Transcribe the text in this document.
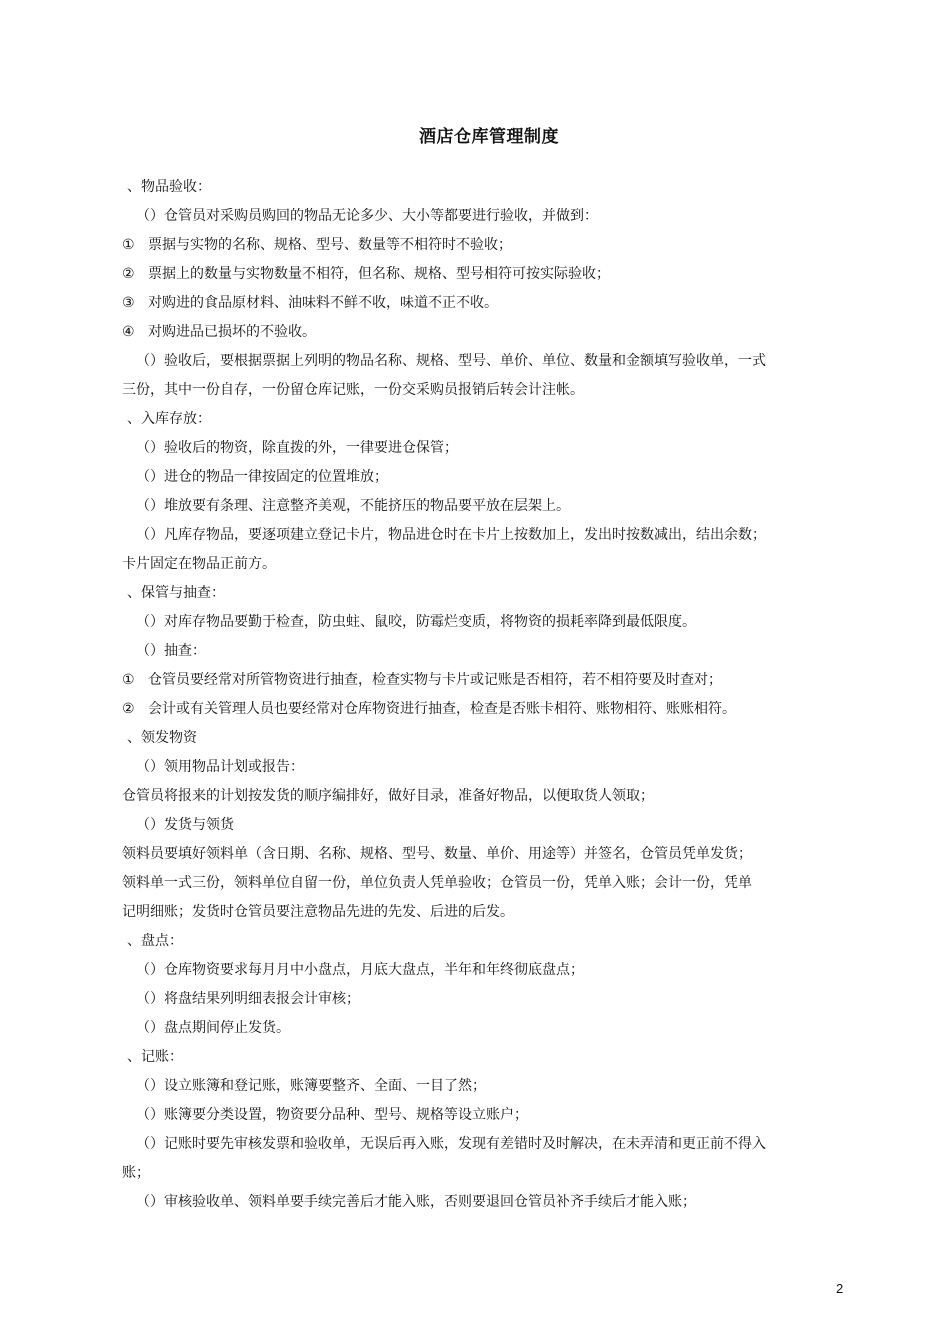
酒店仓库管理制度
、物品验收：
（）仓管员对采购员购回的物品无论多少、大小等都要进行验收，并做到：
① 票据与实物的名称、规格、型号、数量等不相符时不验收；
② 票据上的数量与实物数量不相符，但名称、规格、型号相符可按实际验收；
③ 对购进的食品原材料、油味料不鲜不收，味道不正不收。
④ 对购进品已损坏的不验收。
（）验收后，要根据票据上列明的物品名称、规格、型号、单价、单位、数量和金额填写验收单，一式
三份，其中一份自存，一份留仓库记账，一份交采购员报销后转会计注帐。
、入库存放：
（）验收后的物资，除直拨的外，一律要进仓保管；
（）进仓的物品一律按固定的位置堆放；
（）堆放要有条理、注意整齐美观，不能挤压的物品要平放在层架上。
（）凡库存物品，要逐项建立登记卡片，物品进仓时在卡片上按数加上，发出时按数减出，结出余数；
卡片固定在物品正前方。
、保管与抽查：
（）对库存物品要勤于检查，防虫蛀、鼠咬，防霉烂变质，将物资的损耗率降到最低限度。
（）抽查：
① 仓管员要经常对所管物资进行抽查，检查实物与卡片或记账是否相符，若不相符要及时查对；
② 会计或有关管理人员也要经常对仓库物资进行抽查，检查是否账卡相符、账物相符、账账相符。
、领发物资
（）领用物品计划或报告：
仓管员将报来的计划按发货的顺序编排好，做好目录，准备好物品，以便取货人领取；
（）发货与领货
领料员要填好领料单（含日期、名称、规格、型号、数量、单价、用途等）并签名，仓管员凭单发货；
领料单一式三份，领料单位自留一份，单位负责人凭单验收；仓管员一份，凭单入账；会计一份，凭单
记明细账；发货时仓管员要注意物品先进的先发、后进的后发。
、盘点：
（）仓库物资要求每月月中小盘点，月底大盘点，半年和年终彻底盘点；
（）将盘结果列明细表报会计审核；
（）盘点期间停止发货。
、记账：
（）设立账簿和登记账，账簿要整齐、全面、一目了然；
（）账簿要分类设置，物资要分品种、型号、规格等设立账户；
（）记账时要先审核发票和验收单，无误后再入账，发现有差错时及时解决，在未弄清和更正前不得入
账；
（）审核验收单、领料单要手续完善后才能入账，否则要退回仓管员补齐手续后才能入账；
2
